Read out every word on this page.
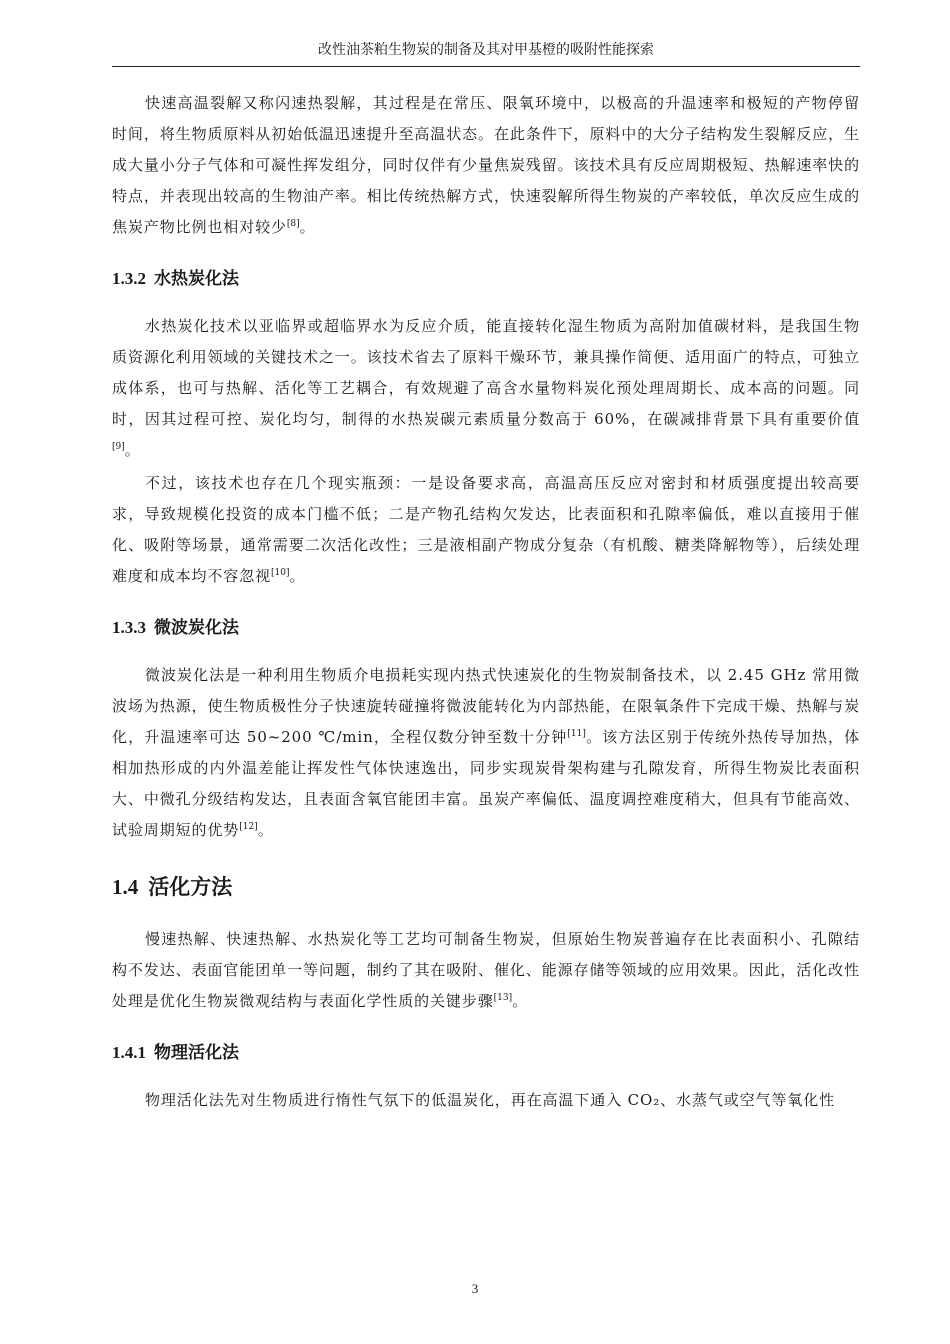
改性油茶粕生物炭的制备及其对甲基橙的吸附性能探索

快速高温裂解又称闪速热裂解，其过程是在常压、限氧环境中，以极高的升温速率和极短的产物停留时间，将生物质原料从初始低温迅速提升至高温状态。在此条件下，原料中的大分子结构发生裂解反应，生成大量小分子气体和可凝性挥发组分，同时仅伴有少量焦炭残留。该技术具有反应周期极短、热解速率快的特点，并表现出较高的生物油产率。相比传统热解方式，快速裂解所得生物炭的产率较低，单次反应生成的焦炭产物比例也相对较少[8]。

1.3.2 水热炭化法

水热炭化技术以亚临界或超临界水为反应介质，能直接转化湿生物质为高附加值碳材料，是我国生物质资源化利用领域的关键技术之一。该技术省去了原料干燥环节，兼具操作简便、适用面广的特点，可独立成体系，也可与热解、活化等工艺耦合，有效规避了高含水量物料炭化预处理周期长、成本高的问题。同时，因其过程可控、炭化均匀，制得的水热炭碳元素质量分数高于 60%，在碳减排背景下具有重要价值[9]。

不过，该技术也存在几个现实瓶颈：一是设备要求高，高温高压反应对密封和材质强度提出较高要求，导致规模化投资的成本门槛不低；二是产物孔结构欠发达，比表面积和孔隙率偏低，难以直接用于催化、吸附等场景，通常需要二次活化改性；三是液相副产物成分复杂（有机酸、糖类降解物等），后续处理难度和成本均不容忽视[10]。

1.3.3 微波炭化法

微波炭化法是一种利用生物质介电损耗实现内热式快速炭化的生物炭制备技术，以 2.45 GHz 常用微波场为热源，使生物质极性分子快速旋转碰撞将微波能转化为内部热能，在限氧条件下完成干燥、热解与炭化，升温速率可达 50~200 ℃/min，全程仅数分钟至数十分钟[11]。该方法区别于传统外热传导加热，体相加热形成的内外温差能让挥发性气体快速逸出，同步实现炭骨架构建与孔隙发育，所得生物炭比表面积大、中微孔分级结构发达，且表面含氧官能团丰富。虽炭产率偏低、温度调控难度稍大，但具有节能高效、试验周期短的优势[12]。

1.4 活化方法

慢速热解、快速热解、水热炭化等工艺均可制备生物炭，但原始生物炭普遍存在比表面积小、孔隙结构不发达、表面官能团单一等问题，制约了其在吸附、催化、能源存储等领域的应用效果。因此，活化改性处理是优化生物炭微观结构与表面化学性质的关键步骤[13]。

1.4.1 物理活化法

物理活化法先对生物质进行惰性气氛下的低温炭化，再在高温下通入 CO₂、水蒸气或空气等氧化性

3
